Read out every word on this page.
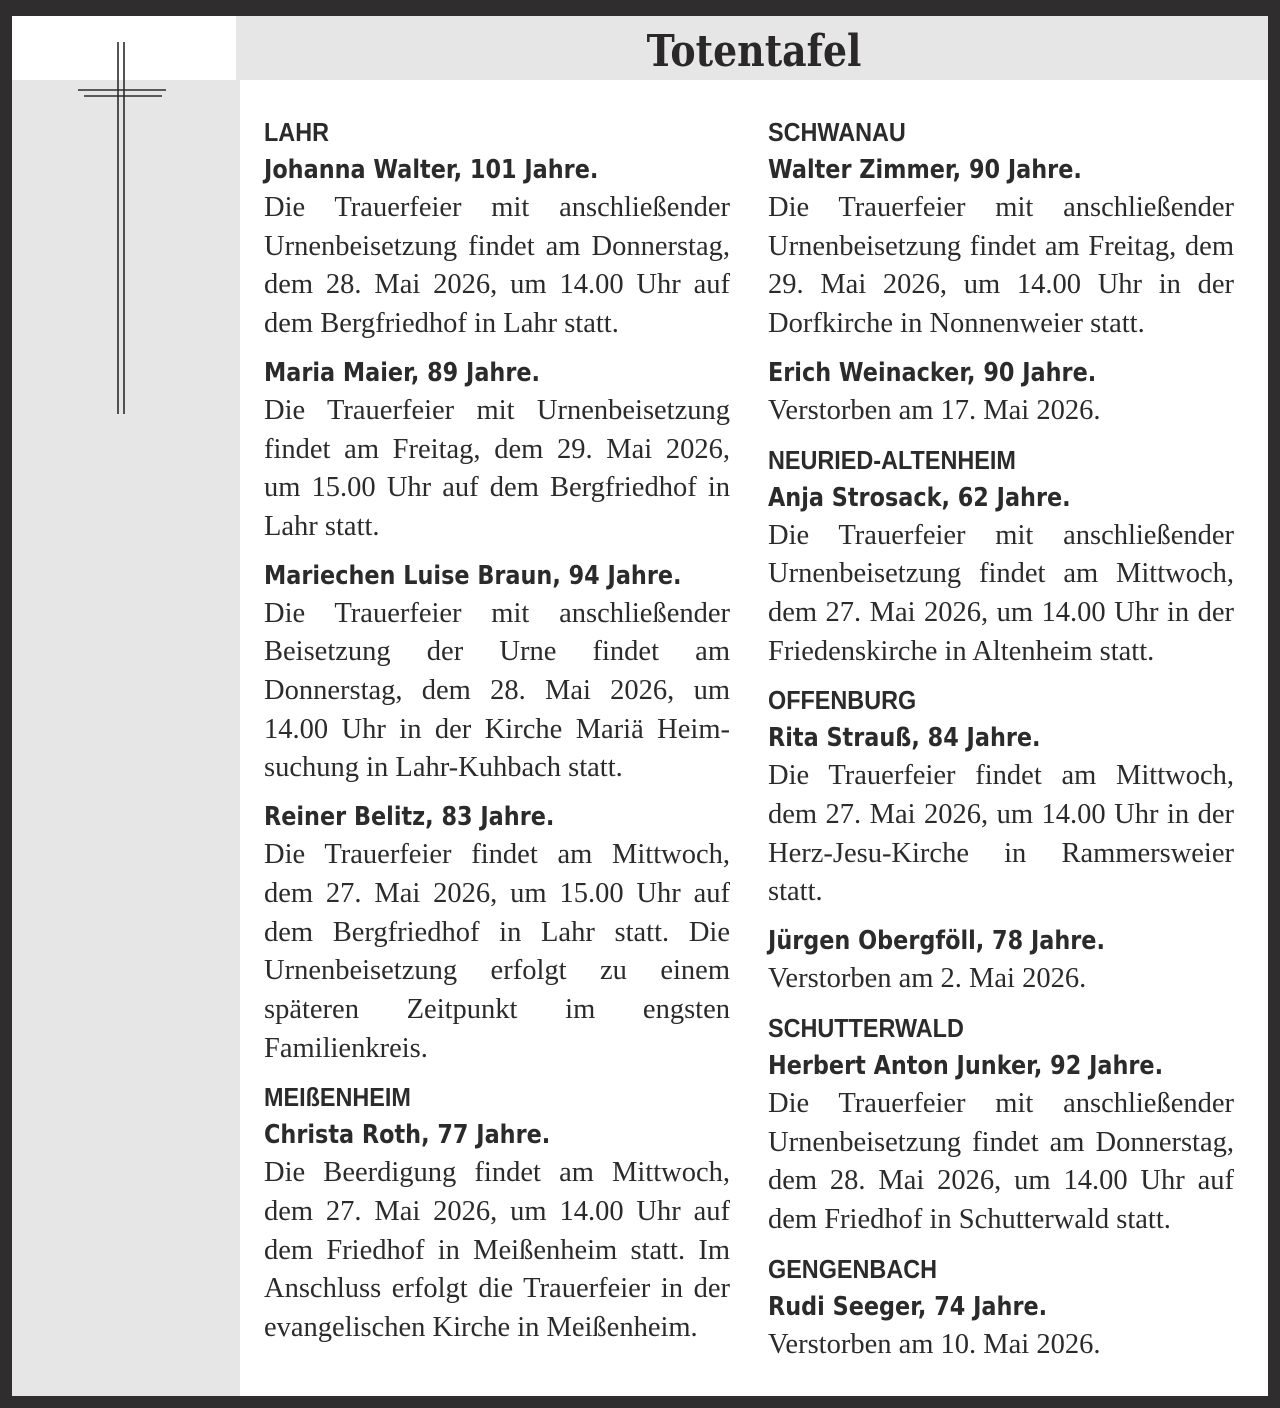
Totentafel
LAHR
Johanna Walter, 101 Jahre.
Die Trauerfeier mit anschließender Urnenbeisetzung findet am Donnerstag, dem 28. Mai 2026, um 14.00 Uhr auf dem Bergfriedhof in Lahr statt.
Maria Maier, 89 Jahre.
Die Trauerfeier mit Urnenbeisetzung findet am Freitag, dem 29. Mai 2026, um 15.00 Uhr auf dem Bergfriedhof in Lahr statt.
Mariechen Luise Braun, 94 Jahre.
Die Trauerfeier mit anschließender Beisetzung der Urne findet am Donnerstag, dem 28. Mai 2026, um 14.00 Uhr in der Kirche Mariä Heimsuchung in Lahr-Kuhbach statt.
Reiner Belitz, 83 Jahre.
Die Trauerfeier findet am Mittwoch, dem 27. Mai 2026, um 15.00 Uhr auf dem Bergfriedhof in Lahr statt. Die Urnenbeisetzung erfolgt zu einem späteren Zeitpunkt im engsten Familienkreis.
MEIßENHEIM
Christa Roth, 77 Jahre.
Die Beerdigung findet am Mittwoch, dem 27. Mai 2026, um 14.00 Uhr auf dem Friedhof in Meißenheim statt. Im Anschluss erfolgt die Trauerfeier in der evangelischen Kirche in Meißenheim.
SCHWANAU
Walter Zimmer, 90 Jahre.
Die Trauerfeier mit anschließender Urnenbeisetzung findet am Freitag, dem 29. Mai 2026, um 14.00 Uhr in der Dorfkirche in Nonnenweier statt.
Erich Weinacker, 90 Jahre.
Verstorben am 17. Mai 2026.
NEURIED-ALTENHEIM
Anja Strosack, 62 Jahre.
Die Trauerfeier mit anschließender Urnenbeisetzung findet am Mittwoch, dem 27. Mai 2026, um 14.00 Uhr in der Friedenskirche in Altenheim statt.
OFFENBURG
Rita Strauß, 84 Jahre.
Die Trauerfeier findet am Mittwoch, dem 27. Mai 2026, um 14.00 Uhr in der Herz-Jesu-Kirche in Rammersweier statt.
Jürgen Obergföll, 78 Jahre.
Verstorben am 2. Mai 2026.
SCHUTTERWALD
Herbert Anton Junker, 92 Jahre.
Die Trauerfeier mit anschließender Urnenbeisetzung findet am Donnerstag, dem 28. Mai 2026, um 14.00 Uhr auf dem Friedhof in Schutterwald statt.
GENGENBACH
Rudi Seeger, 74 Jahre.
Verstorben am 10. Mai 2026.
